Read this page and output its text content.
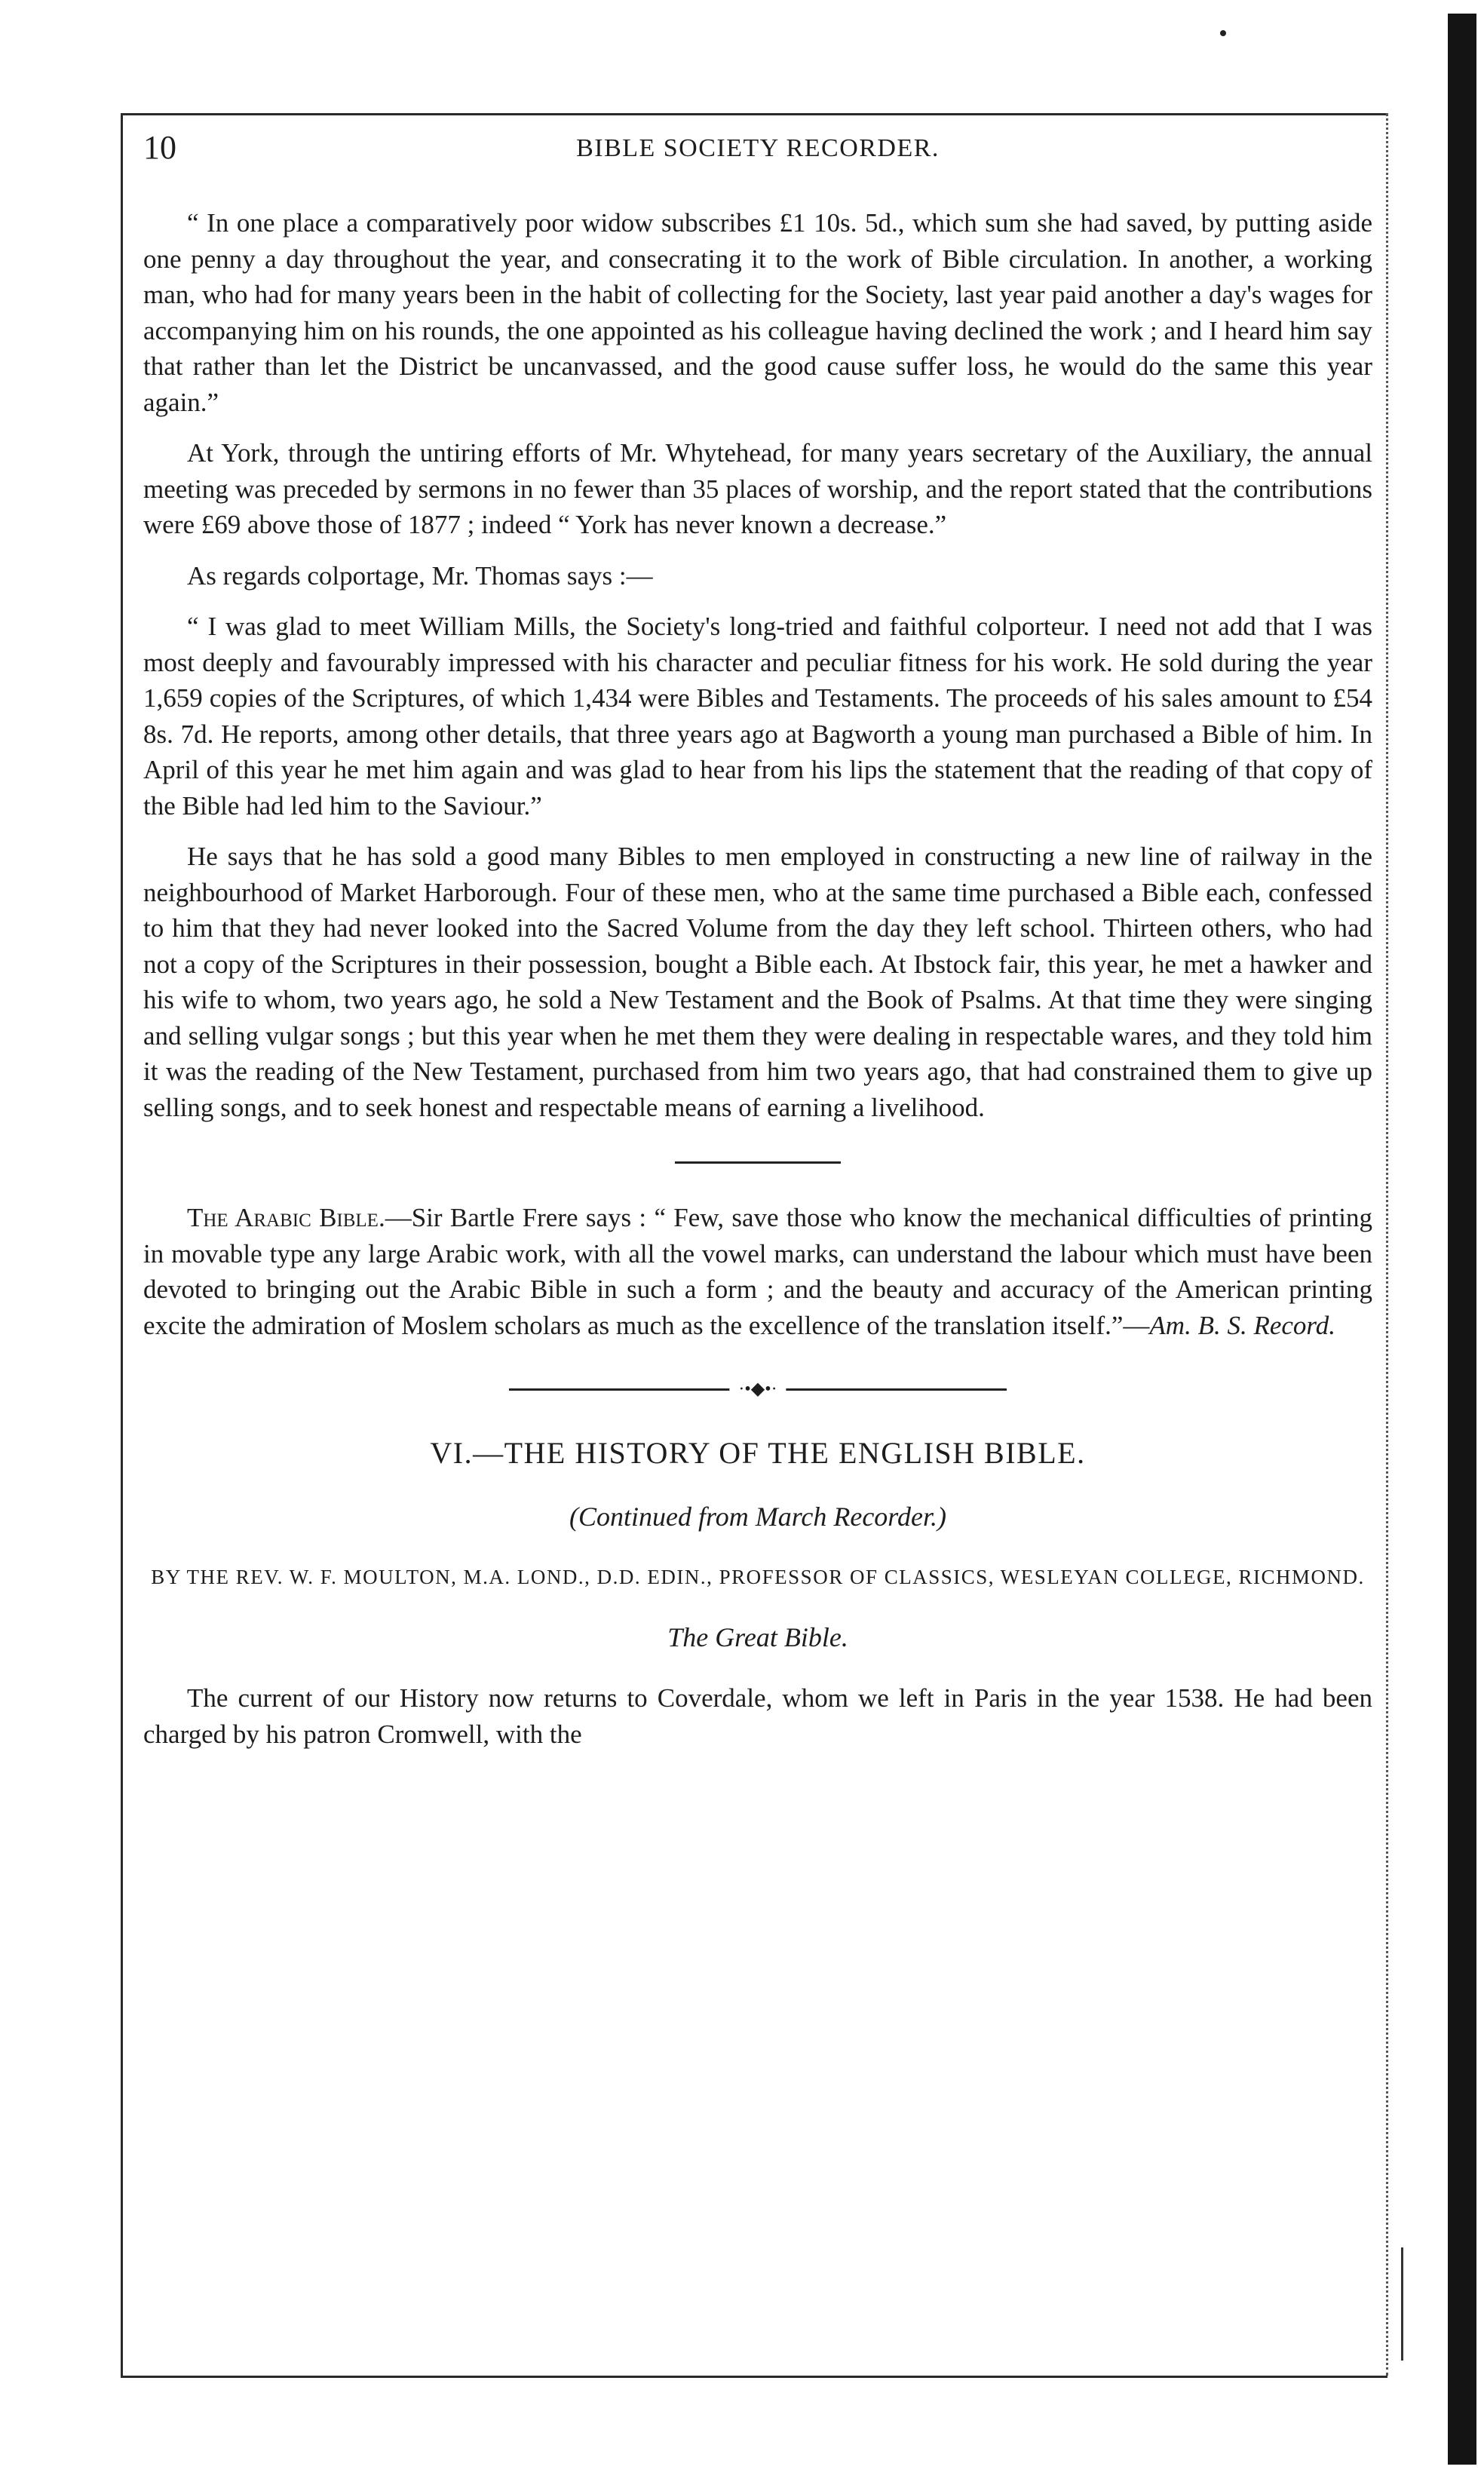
10	BIBLE SOCIETY RECORDER.

“ In one place a comparatively poor widow subscribes £1 10s. 5d., which sum she had saved, by putting aside one penny a day throughout the year, and consecrating it to the work of Bible circulation. In another, a working man, who had for many years been in the habit of collecting for the Society, last year paid another a day's wages for accompanying him on his rounds, the one appointed as his colleague having declined the work ; and I heard him say that rather than let the District be uncanvassed, and the good cause suffer loss, he would do the same this year again.”

At York, through the untiring efforts of Mr. Whytehead, for many years secretary of the Auxiliary, the annual meeting was preceded by sermons in no fewer than 35 places of worship, and the report stated that the contributions were £69 above those of 1877 ; indeed “ York has never known a decrease.”

As regards colportage, Mr. Thomas says :—

“ I was glad to meet William Mills, the Society's long-tried and faithful colporteur. I need not add that I was most deeply and favourably impressed with his character and peculiar fitness for his work. He sold during the year 1,659 copies of the Scriptures, of which 1,434 were Bibles and Testaments. The proceeds of his sales amount to £54 8s. 7d. He reports, among other details, that three years ago at Bagworth a young man purchased a Bible of him. In April of this year he met him again and was glad to hear from his lips the statement that the reading of that copy of the Bible had led him to the Saviour.”

He says that he has sold a good many Bibles to men employed in constructing a new line of railway in the neighbourhood of Market Harborough. Four of these men, who at the same time purchased a Bible each, confessed to him that they had never looked into the Sacred Volume from the day they left school. Thirteen others, who had not a copy of the Scriptures in their possession, bought a Bible each. At Ibstock fair, this year, he met a hawker and his wife to whom, two years ago, he sold a New Testament and the Book of Psalms. At that time they were singing and selling vulgar songs ; but this year when he met them they were dealing in respectable wares, and they told him it was the reading of the New Testament, purchased from him two years ago, that had constrained them to give up selling songs, and to seek honest and respectable means of earning a livelihood.

The Arabic Bible.—Sir Bartle Frere says : “ Few, save those who know the mechanical difficulties of printing in movable type any large Arabic work, with all the vowel marks, can understand the labour which must have been devoted to bringing out the Arabic Bible in such a form ; and the beauty and accuracy of the American printing excite the admiration of Moslem scholars as much as the excellence of the translation itself.”—Am. B. S. Record.

·•◆•·
VI.—THE HISTORY OF THE ENGLISH BIBLE.
(Continued from March Recorder.)
BY THE REV. W. F. MOULTON, M.A. LOND., D.D. EDIN., PROFESSOR OF CLASSICS, WESLEYAN COLLEGE, RICHMOND.
The Great Bible.

The current of our History now returns to Coverdale, whom we left in Paris in the year 1538. He had been charged by his patron Cromwell, with the
